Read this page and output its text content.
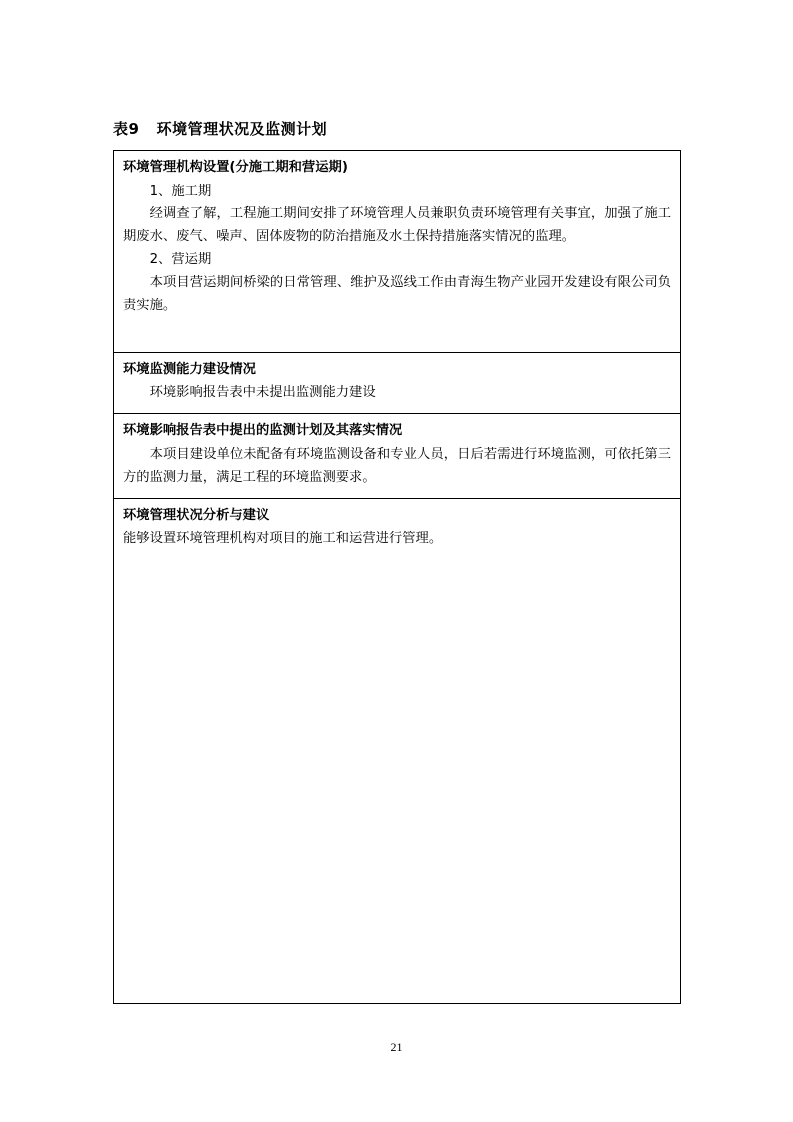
表9   环境管理状况及监测计划

环境管理机构设置(分施工期和营运期)

1、施工期

经调查了解，工程施工期间安排了环境管理人员兼职负责环境管理有关事宜，加强了施工期废水、废气、噪声、固体废物的防治措施及水土保持措施落实情况的监理。

2、营运期

本项目营运期间桥梁的日常管理、维护及巡线工作由青海生物产业园开发建设有限公司负责实施。

环境监测能力建设情况

环境影响报告表中未提出监测能力建设

环境影响报告表中提出的监测计划及其落实情况

本项目建设单位未配备有环境监测设备和专业人员，日后若需进行环境监测，可依托第三方的监测力量，满足工程的环境监测要求。

环境管理状况分析与建议

能够设置环境管理机构对项目的施工和运营进行管理。

21
